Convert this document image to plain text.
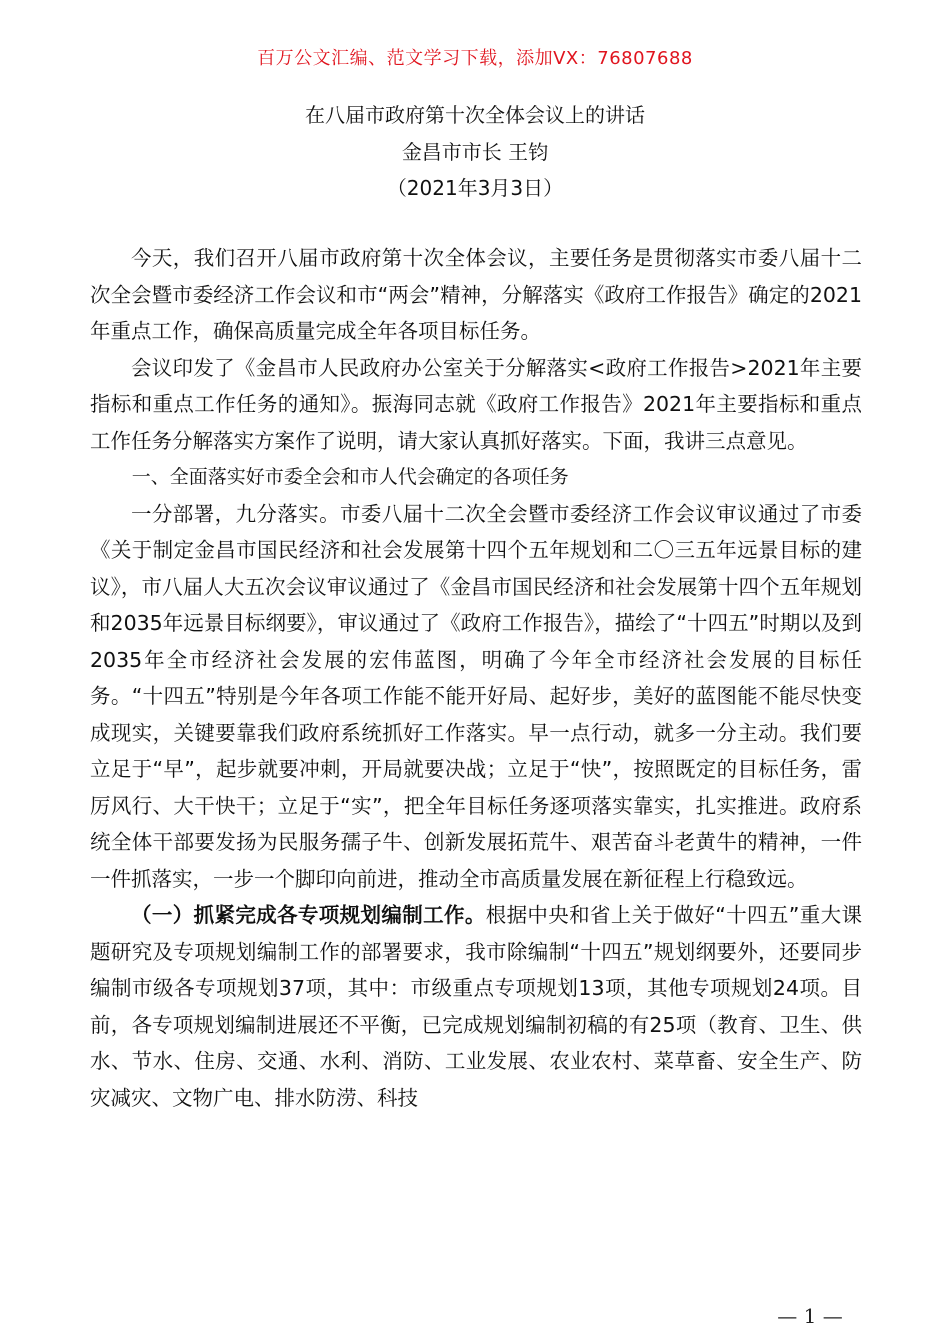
百万公文汇编、范文学习下载，添加VX：76807688
在八届市政府第十次全体会议上的讲话
金昌市市长 王钧
（2021年3月3日）

今天，我们召开八届市政府第十次全体会议，主要任务是贯彻落实市委八届十二次全会暨市委经济工作会议和市“两会”精神，分解落实《政府工作报告》确定的2021年重点工作，确保高质量完成全年各项目标任务。

会议印发了《金昌市人民政府办公室关于分解落实<政府工作报告>2021年主要指标和重点工作任务的通知》。振海同志就《政府工作报告》2021年主要指标和重点工作任务分解落实方案作了说明，请大家认真抓好落实。下面，我讲三点意见。

一、全面落实好市委全会和市人代会确定的各项任务

一分部署，九分落实。市委八届十二次全会暨市委经济工作会议审议通过了市委《关于制定金昌市国民经济和社会发展第十四个五年规划和二〇三五年远景目标的建议》，市八届人大五次会议审议通过了《金昌市国民经济和社会发展第十四个五年规划和2035年远景目标纲要》，审议通过了《政府工作报告》，描绘了“十四五”时期以及到2035年全市经济社会发展的宏伟蓝图，明确了今年全市经济社会发展的目标任务。“十四五”特别是今年各项工作能不能开好局、起好步，美好的蓝图能不能尽快变成现实，关键要靠我们政府系统抓好工作落实。早一点行动，就多一分主动。我们要立足于“早”，起步就要冲刺，开局就要决战；立足于“快”，按照既定的目标任务，雷厉风行、大干快干；立足于“实”，把全年目标任务逐项落实靠实，扎实推进。政府系统全体干部要发扬为民服务孺子牛、创新发展拓荒牛、艰苦奋斗老黄牛的精神，一件一件抓落实，一步一个脚印向前进，推动全市高质量发展在新征程上行稳致远。

（一）抓紧完成各专项规划编制工作。根据中央和省上关于做好“十四五”重大课题研究及专项规划编制工作的部署要求，我市除编制“十四五”规划纲要外，还要同步编制市级各专项规划37项，其中：市级重点专项规划13项，其他专项规划24项。目前，各专项规划编制进展还不平衡，已完成规划编制初稿的有25项（教育、卫生、供水、节水、住房、交通、水利、消防、工业发展、农业农村、菜草畜、安全生产、防灾减灾、文物广电、排水防涝、科技

— 1 —
